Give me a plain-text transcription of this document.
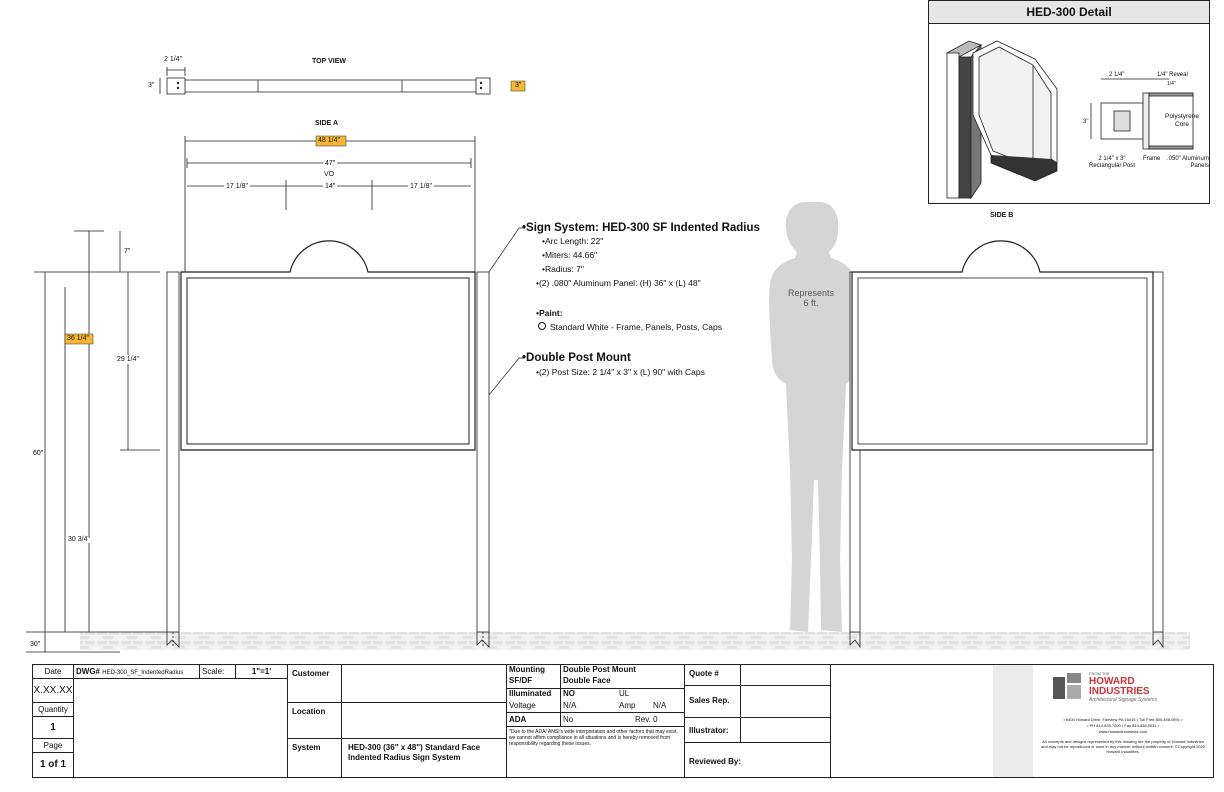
2 1/4"
3"	3"
TOP VIEW
SIDE A
48 1/4"
47"
VO
17 1/8"	14"	17 1/8"
7"
29 1/4"
36 1/4"
60"
30 3/4"
30"
SIDE B
Represents
6 ft.
•Sign System: HED-300 SF Indented Radius
•Arc Length: 22"
•Miters: 44.66"
•Radius: 7"
•(2) .080" Aluminum Panel: (H) 36" x (L) 48"
•Paint:
Standard White - Frame, Panels, Posts, Caps
•Double Post Mount
•(2) Post Size: 2 1/4" x 3" x (L) 90" with Caps
HED-300 Detail
2 1/4"	1/4" Reveal
1/4"
3"
Polystyrene
Core
2 1/4" x 3"
Rectangular Post
Frame .050" Aluminum
Panels
Date
X.XX.XX
Quantity
1
Page
1 of 1
DWG# HED-300_SF_IndentedRadius	Scale:	1"=1'	Customer
Location
System	HED-300 (36" x 48") Standard Face
Indented Radius Sign System
Mounting	Double Post Mount
SF/DF	Double Face
Illuminated	NO	UL
Voltage	N/A	Amp	N/A
ADA	No	Rev. 0
*Due to the ADA/ ANSI's wide interpretation and other factors that may exist, we cannot affirm compliance in all situations and is hereby removed from responsibility regarding these issues.
Quote #
Sales Rep.
Illustrator:
Reviewed By:
FROM THE
HOWARD
INDUSTRIES
Architectural Signage Systems
• 6400 Howard Drive, Fairview PA 16415 • Toll Free 800.458.0591 •
• PH 814.833.7000 • Fax 814.838.0011 •
www.howardindustries.com
All concepts and designs represented by this drawing are the property of Howard Industries and may not be reproduced or used in any manner without written consent. ©Copyright 2020 Howard Industries.
